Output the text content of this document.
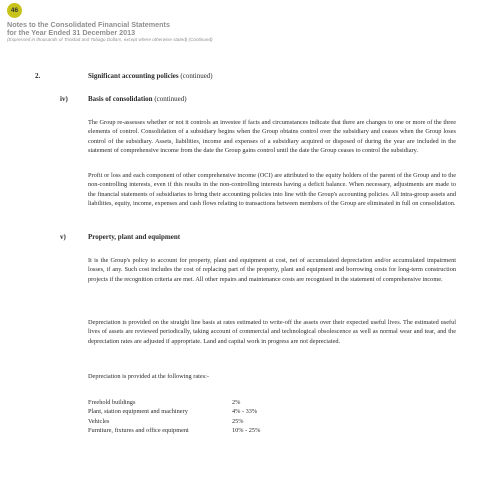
46
Notes to the Consolidated Financial Statements
for the Year Ended 31 December 2013
(Expressed in thousands of Trinidad and Tobago Dollars, except where otherwise stated) (Continued)
2.	Significant accounting policies (continued)
iv)	Basis of consolidation (continued)
The Group re-assesses whether or not it controls an investee if facts and circumstances indicate that there are changes to one or more of the three elements of control. Consolidation of a subsidiary begins when the Group obtains control over the subsidiary and ceases when the Group loses control of the subsidiary. Assets, liabilities, income and expenses of a subsidiary acquired or disposed of during the year are included in the statement of comprehensive income from the date the Group gains control until the date the Group ceases to control the subsidiary.
Profit or loss and each component of other comprehensive income (OCI) are attributed to the equity holders of the parent of the Group and to the non-controlling interests, even if this results in the non-controlling interests having a deficit balance. When necessary, adjustments are made to the financial statements of subsidiaries to bring their accounting policies into line with the Group's accounting policies. All intra-group assets and liabilities, equity, income, expenses and cash flows relating to transactions between members of the Group are eliminated in full on consolidation.
v)	Property, plant and equipment
It is the Group's policy to account for property, plant and equipment at cost, net of accumulated depreciation and/or accumulated impairment losses, if any. Such cost includes the cost of replacing part of the property, plant and equipment and borrowing costs for long-term construction projects if the recognition criteria are met. All other repairs and maintenance costs are recognised in the statement of comprehensive income.
Depreciation is provided on the straight line basis at rates estimated to write-off the assets over their expected useful lives. The estimated useful lives of assets are reviewed periodically, taking account of commercial and technological obsolescence as well as normal wear and tear, and the depreciation rates are adjusted if appropriate. Land and capital work in progress are not depreciated.
Depreciation is provided at the following rates:-
Freehold buildings	2%
Plant, station equipment and machinery	4% - 33%
Vehicles	25%
Furniture, fixtures and office equipment	10% - 25%
